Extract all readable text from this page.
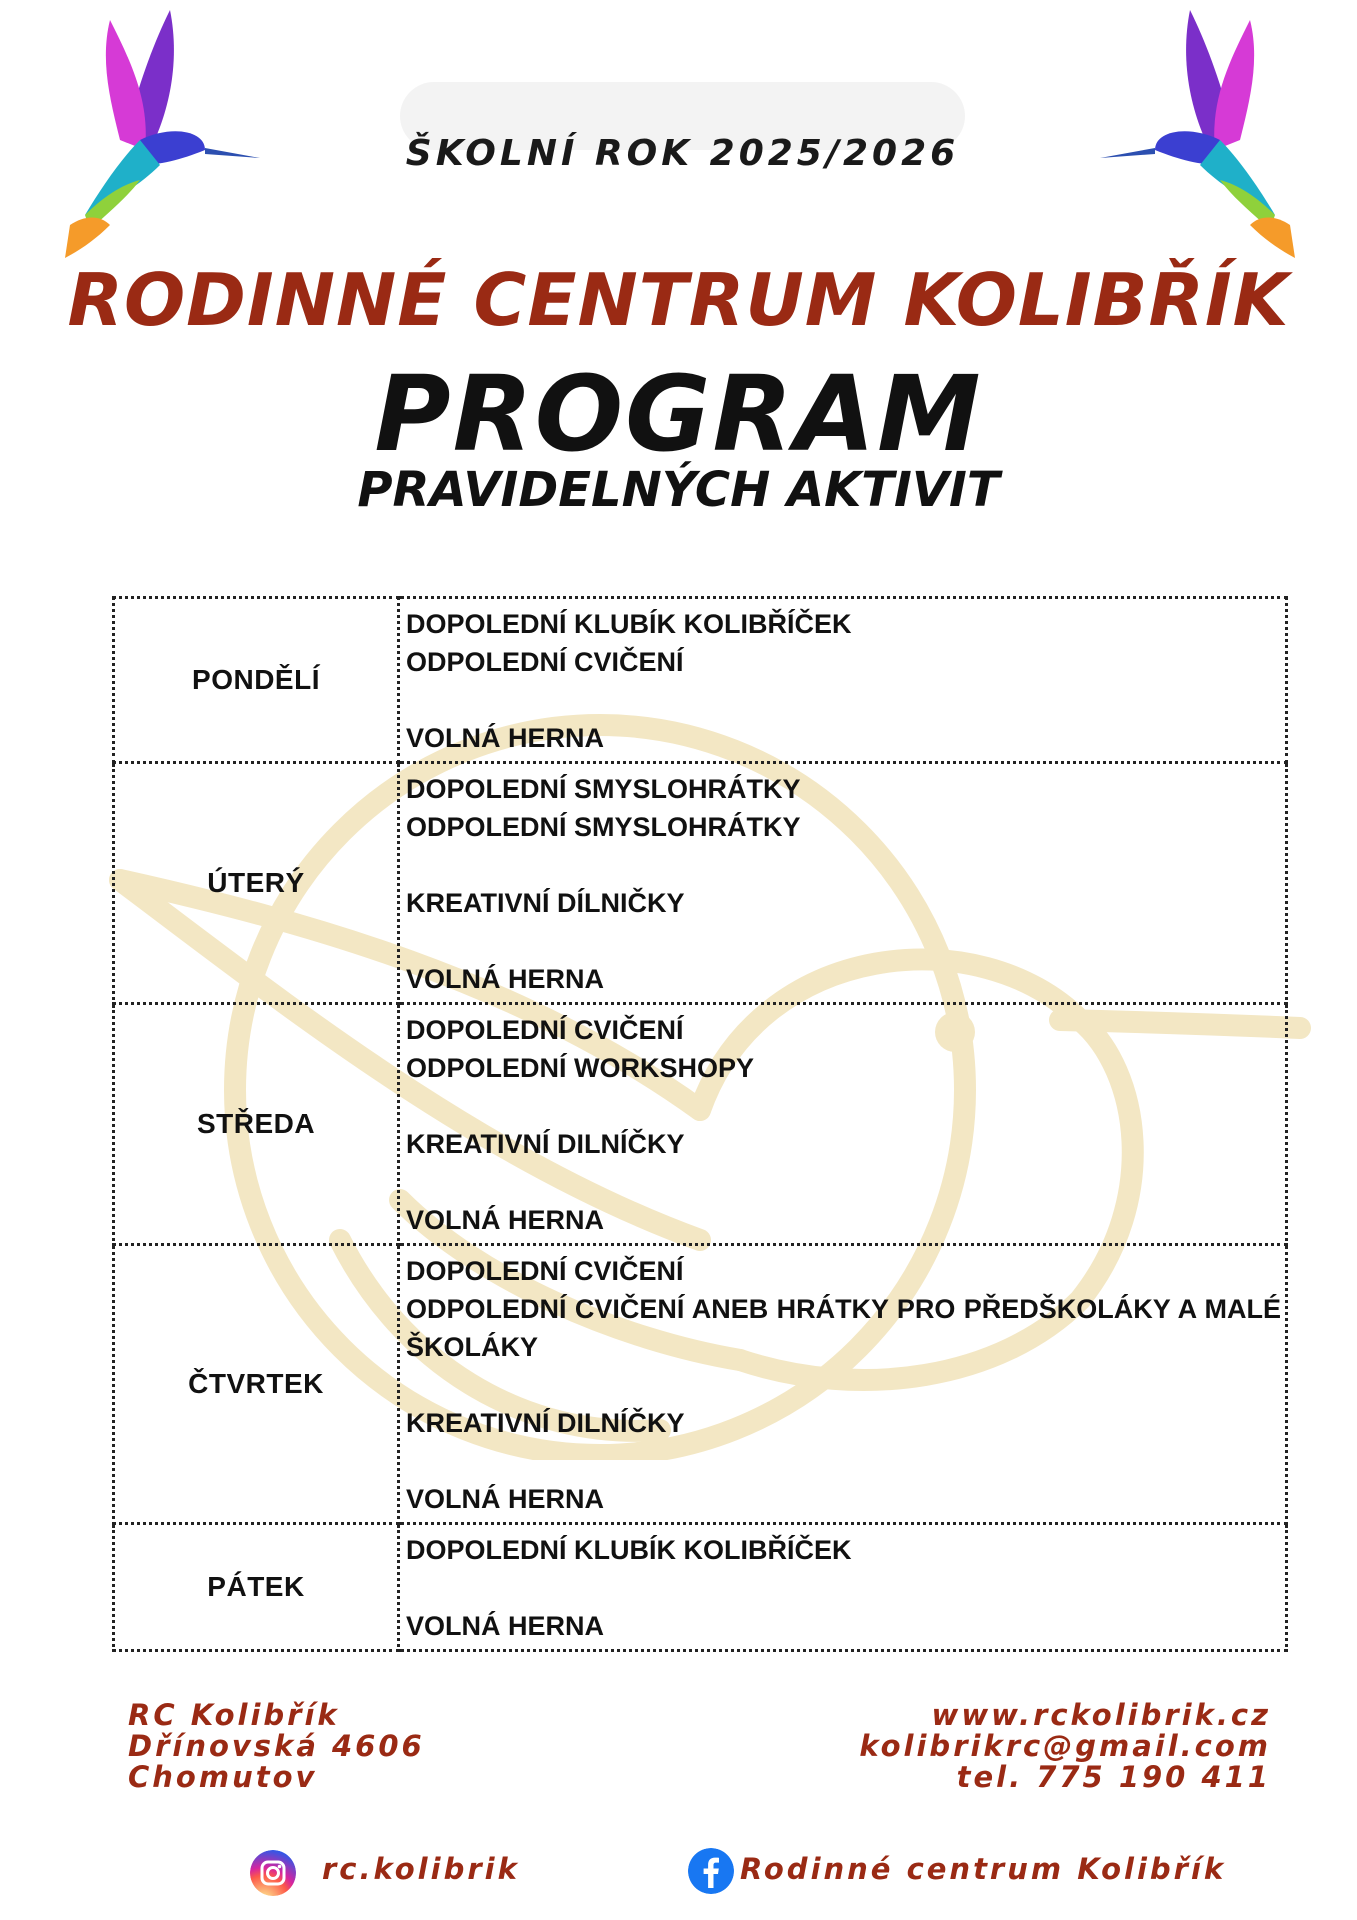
ŠKOLNÍ ROK 2025/2026
RODINNÉ CENTRUM KOLIBŘÍK
PROGRAM
PRAVIDELNÝCH AKTIVIT
PONDĚLÍ	DOPOLEDNÍ KLUBÍK KOLIBŘÍČEK
ODPOLEDNÍ CVIČENÍ
VOLNÁ HERNA

ÚTERÝ	DOPOLEDNÍ SMYSLOHRÁTKY
ODPOLEDNÍ SMYSLOHRÁTKY
KREATIVNÍ DÍLNIČKY
VOLNÁ HERNA

STŘEDA	DOPOLEDNÍ CVIČENÍ
ODPOLEDNÍ WORKSHOPY
KREATIVNÍ DILNÍČKY
VOLNÁ HERNA

ČTVRTEK	DOPOLEDNÍ CVIČENÍ
ODPOLEDNÍ CVIČENÍ ANEB HRÁTKY PRO PŘEDŠKOLÁKY A MALÉ ŠKOLÁKY
KREATIVNÍ DILNÍČKY
VOLNÁ HERNA

PÁTEK	DOPOLEDNÍ KLUBÍK KOLIBŘÍČEK
VOLNÁ HERNA
RC Kolibřík
Dřínovská 4606
Chomutov
www.rckolibrik.cz
kolibrikrc@gmail.com
tel. 775 190 411
rc.kolibrik	Rodinné centrum Kolibřík
